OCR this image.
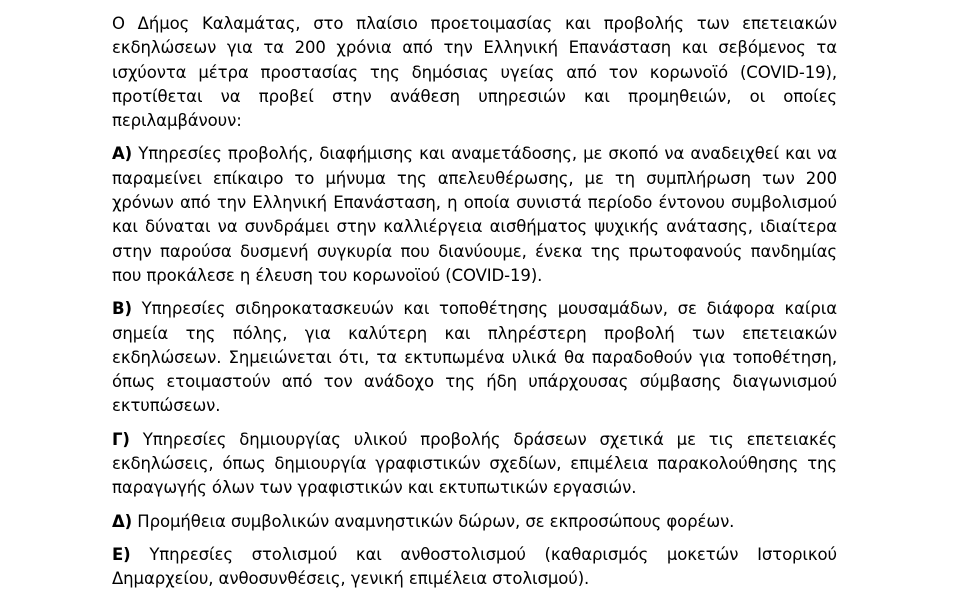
Ο Δήμος Καλαμάτας, στο πλαίσιο προετοιμασίας και προβολής των επετειακών εκδηλώσεων για τα 200 χρόνια από την Ελληνική Επανάσταση και σεβόμενος τα ισχύοντα μέτρα προστασίας της δημόσιας υγείας από τον κορωνοϊό (COVID-19), προτίθεται να προβεί στην ανάθεση υπηρεσιών και προμηθειών, οι οποίες περιλαμβάνουν:

Α) Υπηρεσίες προβολής, διαφήμισης και αναμετάδοσης, με σκοπό να αναδειχθεί και να παραμείνει επίκαιρο το μήνυμα της απελευθέρωσης, με τη συμπλήρωση των 200 χρόνων από την Ελληνική Επανάσταση, η οποία συνιστά περίοδο έντονου συμβολισμού και δύναται να συνδράμει στην καλλιέργεια αισθήματος ψυχικής ανάτασης, ιδιαίτερα στην παρούσα δυσμενή συγκυρία που διανύουμε, ένεκα της πρωτοφανούς πανδημίας που προκάλεσε η έλευση του κορωνοϊού (COVID-19).

Β) Υπηρεσίες σιδηροκατασκευών και τοποθέτησης μουσαμάδων, σε διάφορα καίρια σημεία της πόλης, για καλύτερη και πληρέστερη προβολή των επετειακών εκδηλώσεων. Σημειώνεται ότι, τα εκτυπωμένα υλικά θα παραδοθούν για τοποθέτηση, όπως ετοιμαστούν από τον ανάδοχο της ήδη υπάρχουσας σύμβασης διαγωνισμού εκτυπώσεων.

Γ) Υπηρεσίες δημιουργίας υλικού προβολής δράσεων σχετικά με τις επετειακές εκδηλώσεις, όπως δημιουργία γραφιστικών σχεδίων, επιμέλεια παρακολούθησης της παραγωγής όλων των γραφιστικών και εκτυπωτικών εργασιών.

Δ) Προμήθεια συμβολικών αναμνηστικών δώρων, σε εκπροσώπους φορέων.

Ε) Υπηρεσίες στολισμού και ανθοστολισμού (καθαρισμός μοκετών Ιστορικού Δημαρχείου, ανθοσυνθέσεις, γενική επιμέλεια στολισμού).
